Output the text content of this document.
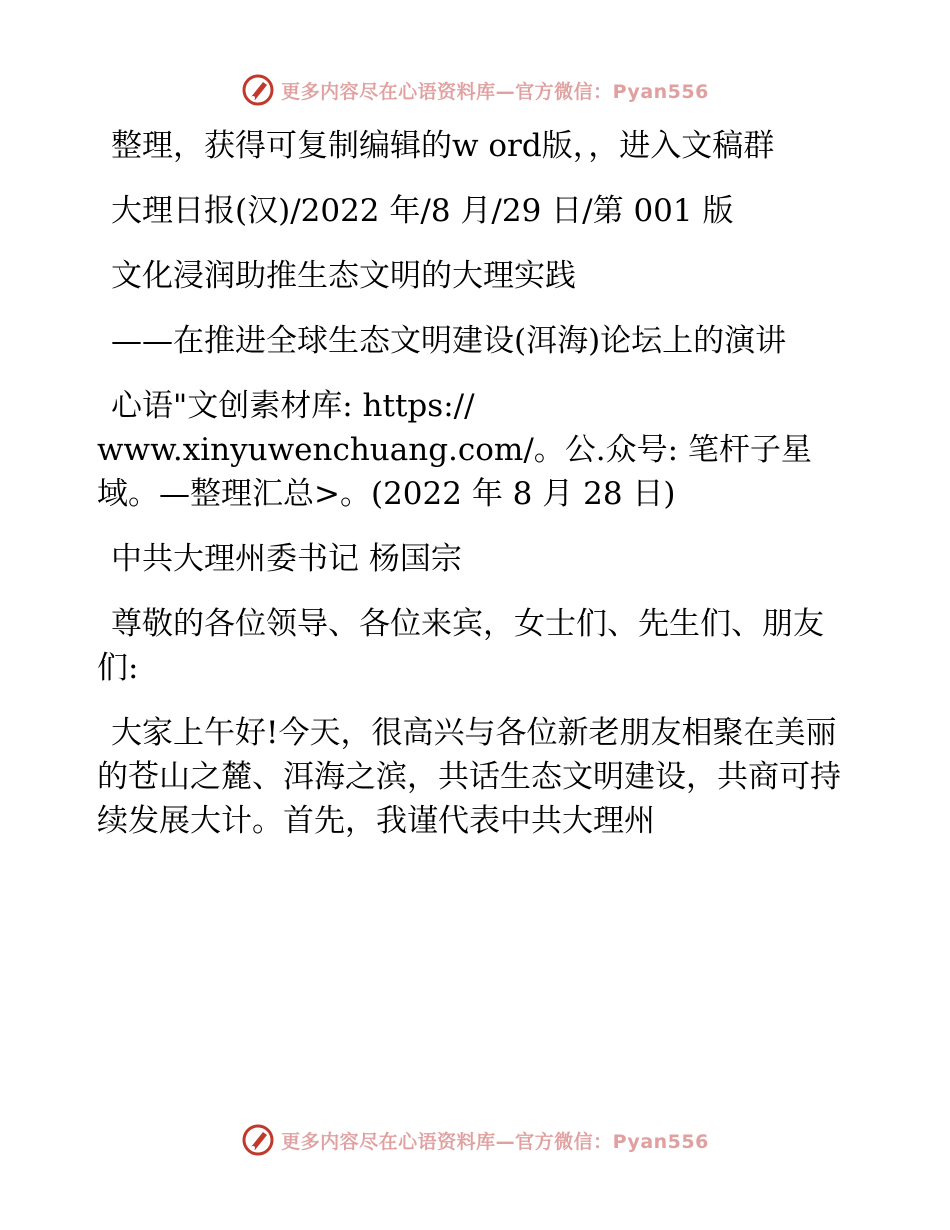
更多内容尽在心语资料库—官方微信：Pyan556

整理，获得可复制编辑的w ord版，，进入文稿群

大理日报(汉)/2022 年/8 月/29 日/第 001 版

文化浸润助推生态文明的大理实践

——在推进全球生态文明建设(洱海)论坛上的演讲

心语"文创素材库: https://

www.xinyuwenchuang.com/。公.众号: 笔杆子星域。—整理汇总>。(2022 年 8 月 28 日)

中共大理州委书记 杨国宗

尊敬的各位领导、各位来宾，女士们、先生们、朋友们:

大家上午好!今天，很高兴与各位新老朋友相聚在美丽的苍山之麓、洱海之滨，共话生态文明建设，共商可持续发展大计。首先，我谨代表中共大理州

更多内容尽在心语资料库—官方微信：Pyan556
